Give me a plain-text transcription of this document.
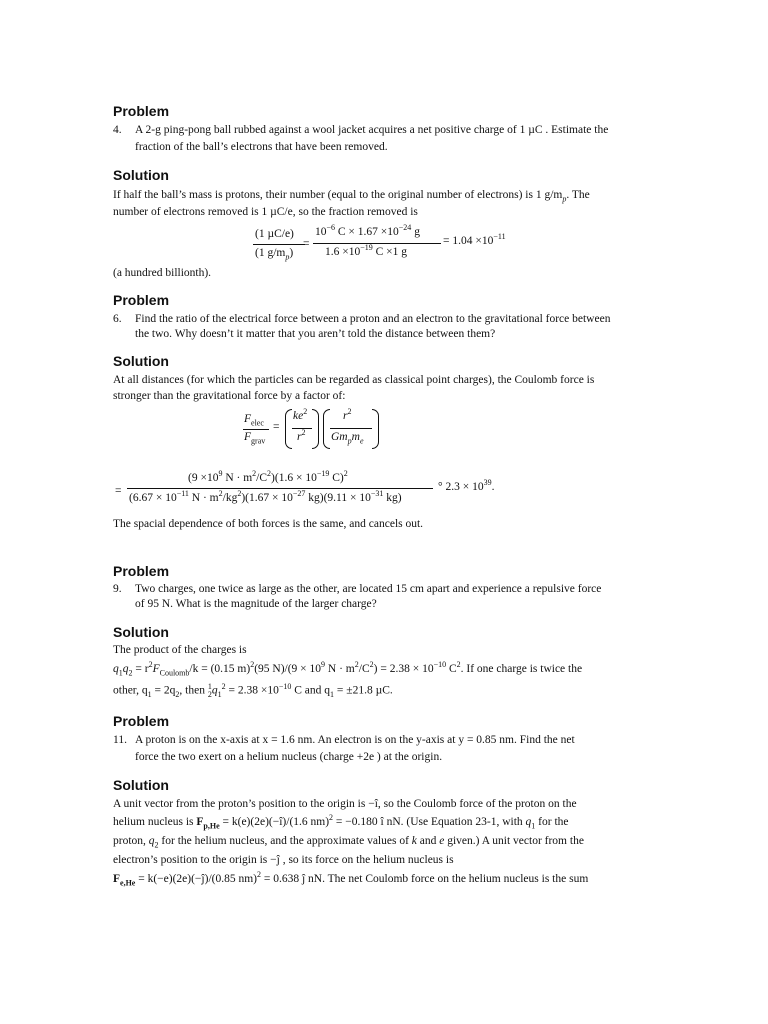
Problem
4. A 2-g ping-pong ball rubbed against a wool jacket acquires a net positive charge of 1 µC . Estimate the
fraction of the ball’s electrons that have been removed.
Solution
If half the ball’s mass is protons, their number (equal to the original number of electrons) is 1 $g/m_p$. The
number of electrons removed is 1 µC/e, so the fraction removed is
(1 µC/e)
(1 $g/m_p$)
=
$10^{-6}$ $C \times 1.67 \times 10^{-24}$ g
$1.6 \times 10^{-19}$ C ×1 g
= $1.04 \times 10^{-11}$
(a hundred billionth).
Problem
6. Find the ratio of the electrical force between a proton and an electron to the gravitational force between
the two. Why doesn’t it matter that you aren’t told the distance between them?
Solution
At all distances (for which the particles can be regarded as classical point charges), the Coulomb force is
stronger than the gravitational force by a factor of:
$F_{elec}$
$F_{grav}$
=
$ke^2$
$r^2$
$r^2$
$Gm_pm_e$
=
($9 \times 10^9$ $N \cdot m^2/C^2)(1.6 \times 10^{-19}$ C)$^2$
($6.67 \times 10^{-11}$ $N \cdot m^2/kg^2)(1.67 \times 10^{-27}$ $kg)(9.11 \times 10^{-31}$ kg)
° $2.3 \times 10^{39}$.
The spacial dependence of both forces is the same, and cancels out.
Problem
9. Two charges, one twice as large as the other, are located 15 cm apart and experience a repulsive force
of 95 N. What is the magnitude of the larger charge?
Solution
The product of the charges is
$q_1q_2 = r^2F_{Coulomb}/k = (0.15$ m)$^2$(95 $N)/(9 \times 10^9$ $N \cdot m^2/C^2) = 2.38 \times 10^{-10}$ $C^2$. If one charge is twice the
other, $q_1 = 2q_2$, then 1
$2q_1^2 = 2.38 \times 10^{-10}$ C and $q_1 = \pm 21.8$ µC.
Problem
11. A proton is on the x-axis at x = 1.6 nm. An electron is on the y-axis at y = 0.85 nm. Find the net
force the two exert on a helium nucleus (charge +2e ) at the origin.
Solution
A unit vector from the proton’s position to the origin is −î, so the Coulomb force of the proton on the
helium nucleus is $F_{p,He}$ = k(e)(2e)(−î)/(1.6 nm)$^2$ = −0.180 î nN. (Use Equation 23-1, with $q_1$ for the
proton, $q_2$ for the helium nucleus, and the approximate values of k and e given.) A unit vector from the
electron’s position to the origin is −ĵ , so its force on the helium nucleus is
$F_{e,He}$ = k(−e)(2e)(−ĵ)/(0.85 nm)$^2$ = 0.638 ĵ nN. The net Coulomb force on the helium nucleus is the sum
